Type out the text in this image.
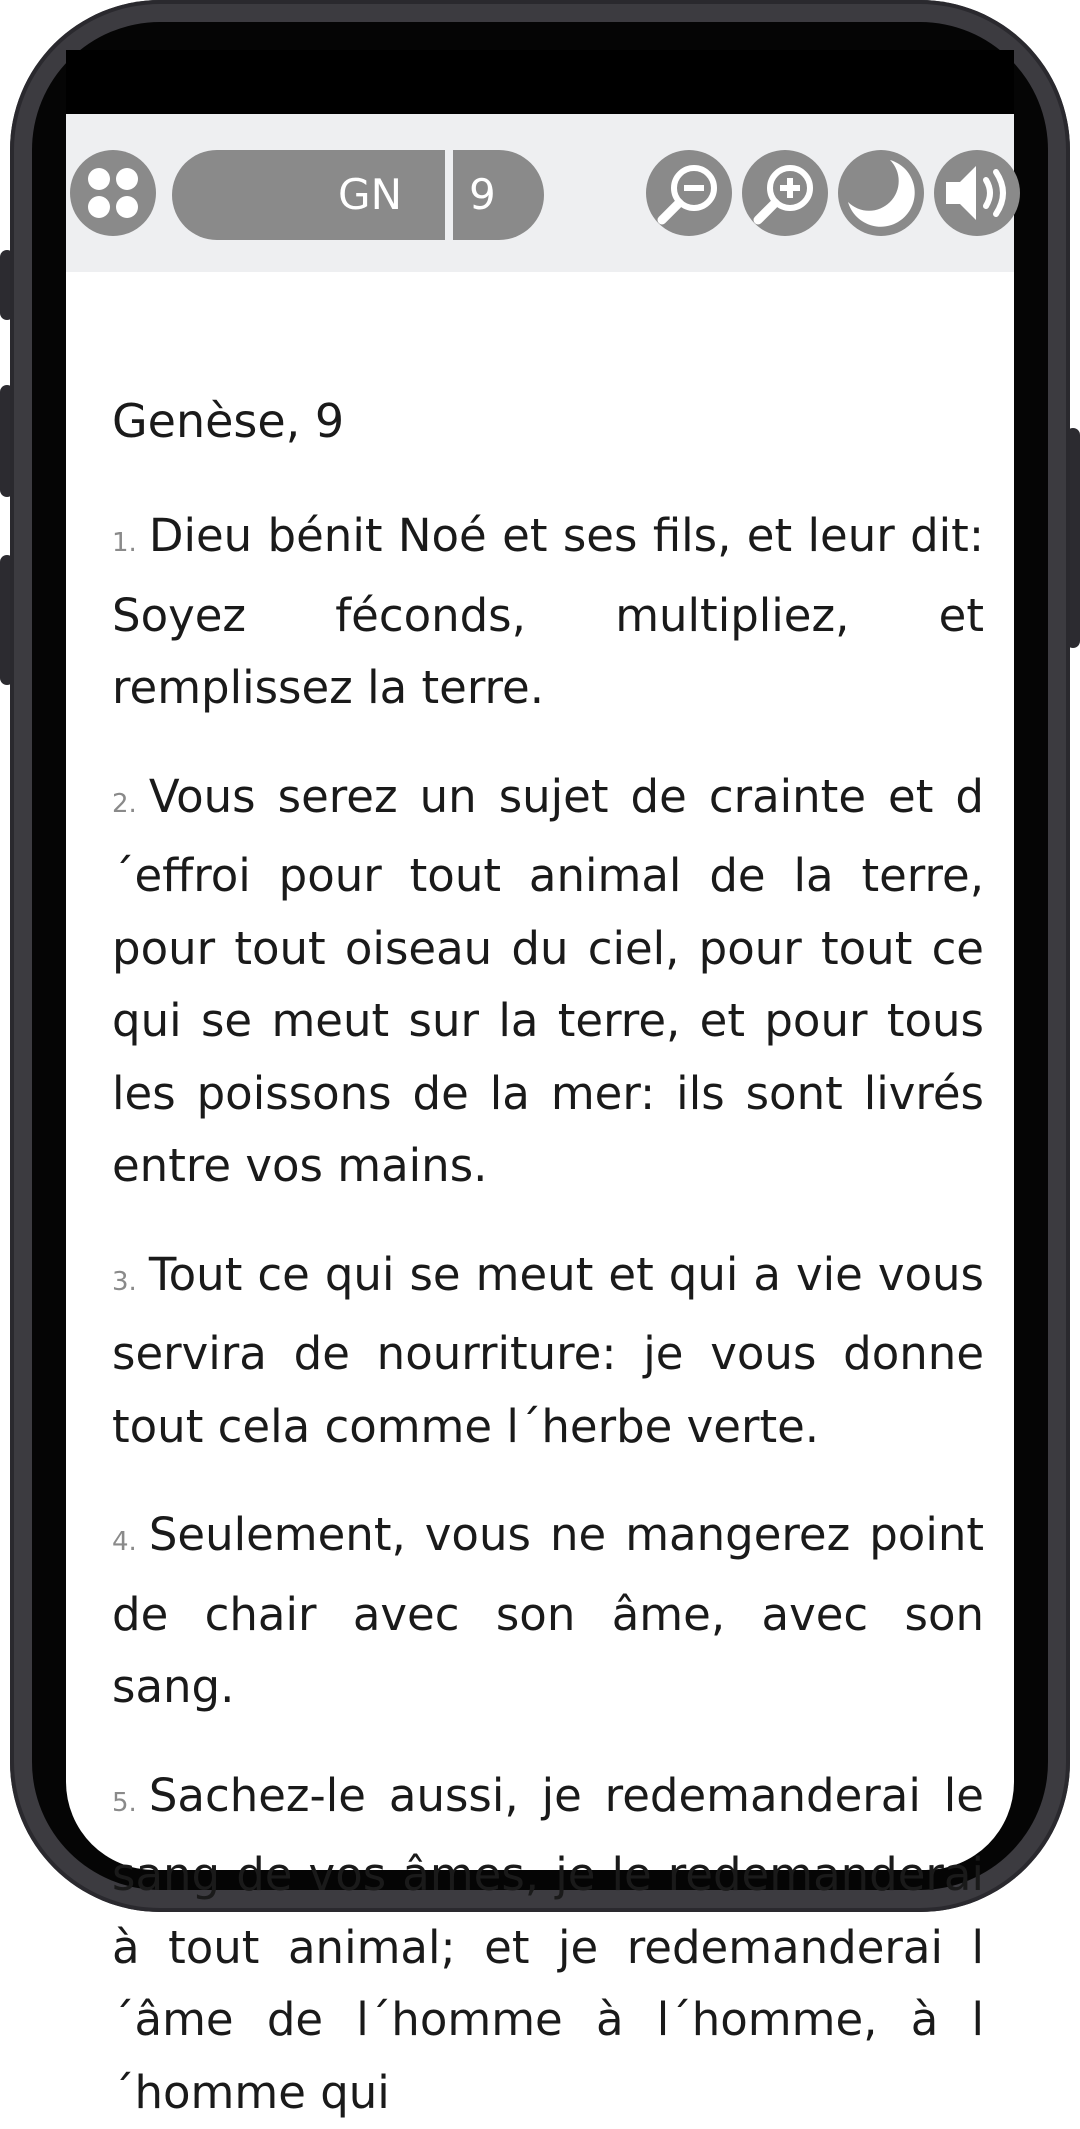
GN	9
Genèse, 9

1. Dieu bénit Noé et ses fils, et leur dit: Soyez féconds, multipliez, et remplissez la terre.

2. Vous serez un sujet de crainte et d´effroi pour tout animal de la terre, pour tout oiseau du ciel, pour tout ce qui se meut sur la terre, et pour tous les poissons de la mer: ils sont livrés entre vos mains.

3. Tout ce qui se meut et qui a vie vous servira de nourriture: je vous donne tout cela comme l´herbe verte.

4. Seulement, vous ne mangerez point de chair avec son âme, avec son sang.

5. Sachez-le aussi, je redemanderai le sang de vos âmes, je le redemanderai à tout animal; et je redemanderai l´âme de l´homme à l´homme, à l´homme qui
